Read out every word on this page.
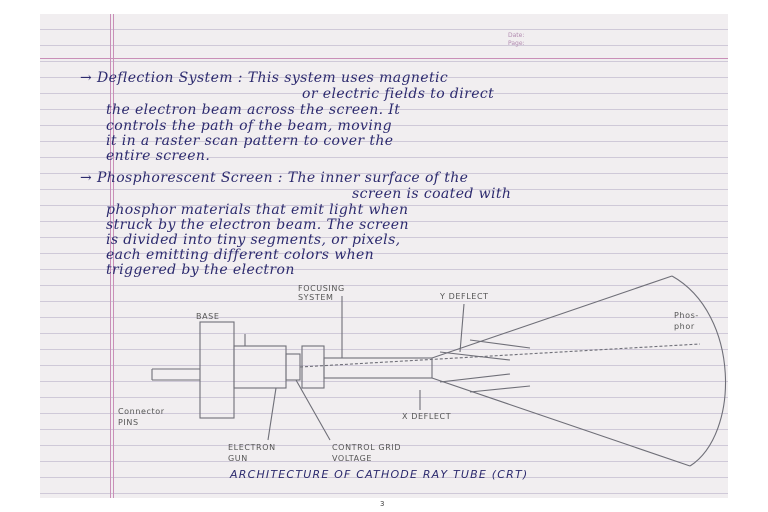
Date:
Page:
→ Deflection System : This system uses magnetic
or electric fields to direct
the electron beam across the screen. It
controls the path of the beam, moving
it in a raster scan pattern to cover the
entire screen.
→ Phosphorescent Screen : The inner surface of the
screen is coated with
phosphor materials that emit light when
struck by the electron beam. The screen
is divided into tiny segments, or pixels,
each emitting different colors when
triggered by the electron
FOCUSING SYSTEM	Y DEFLECT
BASE	Phos-phor
Connector PINS
X DEFLECT
ELECTRON GUN
CONTROL GRID VOLTAGE
ARCHITECTURE OF CATHODE RAY TUBE (CRT)
3
